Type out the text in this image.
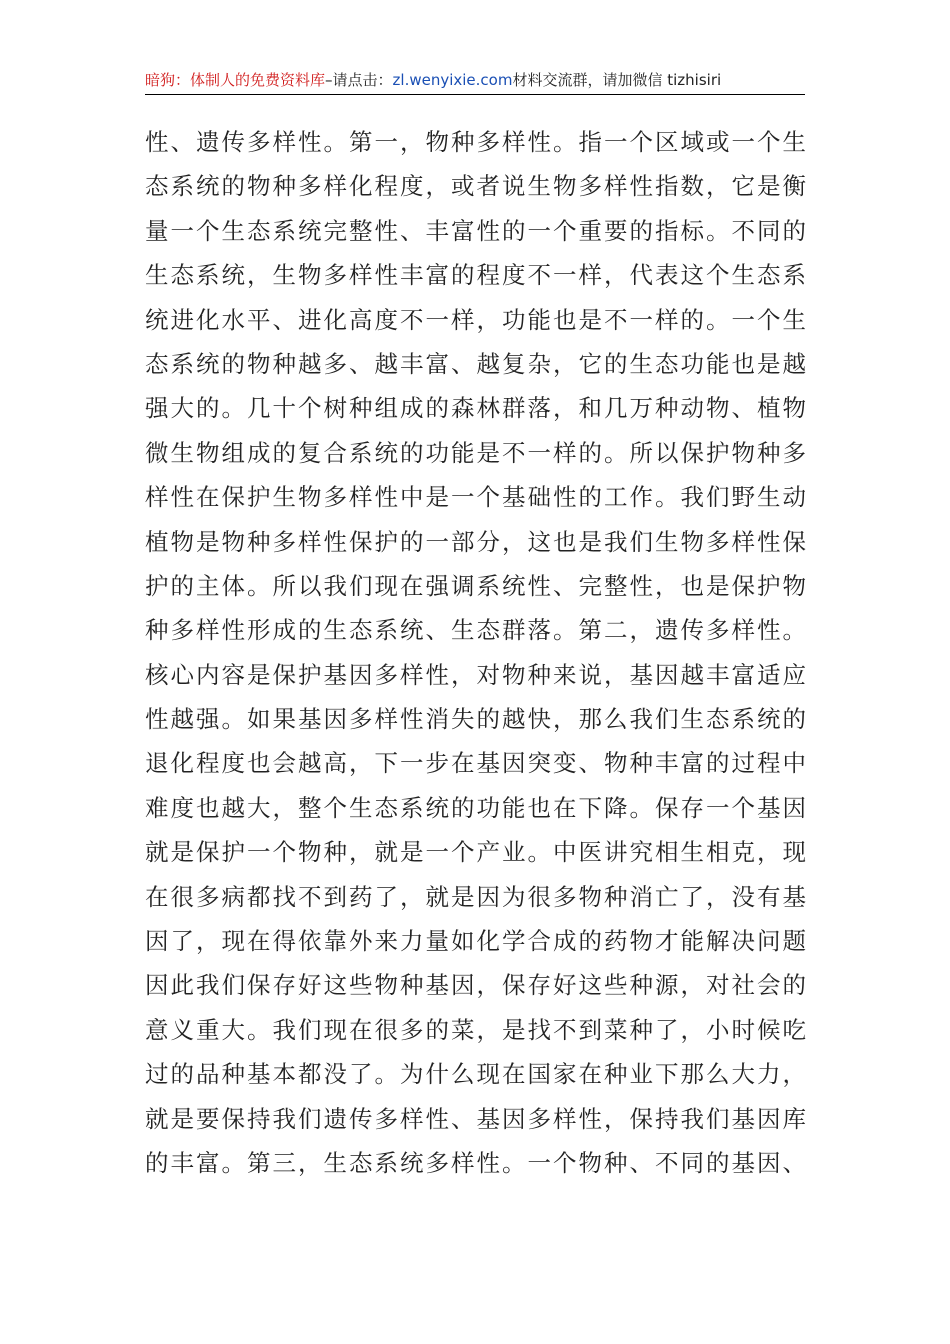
暗狗：体制人的免费资料库–请点击：zl.wenyixie.com材料交流群，请加微信 tizhisiri
性、遗传多样性。第一，物种多样性。指一个区域或一个生
态系统的物种多样化程度，或者说生物多样性指数，它是衡
量一个生态系统完整性、丰富性的一个重要的指标。不同的
生态系统，生物多样性丰富的程度不一样，代表这个生态系
统进化水平、进化高度不一样，功能也是不一样的。一个生
态系统的物种越多、越丰富、越复杂，它的生态功能也是越
强大的。几十个树种组成的森林群落，和几万种动物、植物
微生物组成的复合系统的功能是不一样的。所以保护物种多
样性在保护生物多样性中是一个基础性的工作。我们野生动
植物是物种多样性保护的一部分，这也是我们生物多样性保
护的主体。所以我们现在强调系统性、完整性，也是保护物
种多样性形成的生态系统、生态群落。第二，遗传多样性。
核心内容是保护基因多样性，对物种来说，基因越丰富适应
性越强。如果基因多样性消失的越快，那么我们生态系统的
退化程度也会越高，下一步在基因突变、物种丰富的过程中
难度也越大，整个生态系统的功能也在下降。保存一个基因
就是保护一个物种，就是一个产业。中医讲究相生相克，现
在很多病都找不到药了，就是因为很多物种消亡了，没有基
因了，现在得依靠外来力量如化学合成的药物才能解决问题
因此我们保存好这些物种基因，保存好这些种源，对社会的
意义重大。我们现在很多的菜，是找不到菜种了，小时候吃
过的品种基本都没了。为什么现在国家在种业下那么大力，
就是要保持我们遗传多样性、基因多样性，保持我们基因库
的丰富。第三，生态系统多样性。一个物种、不同的基因、
